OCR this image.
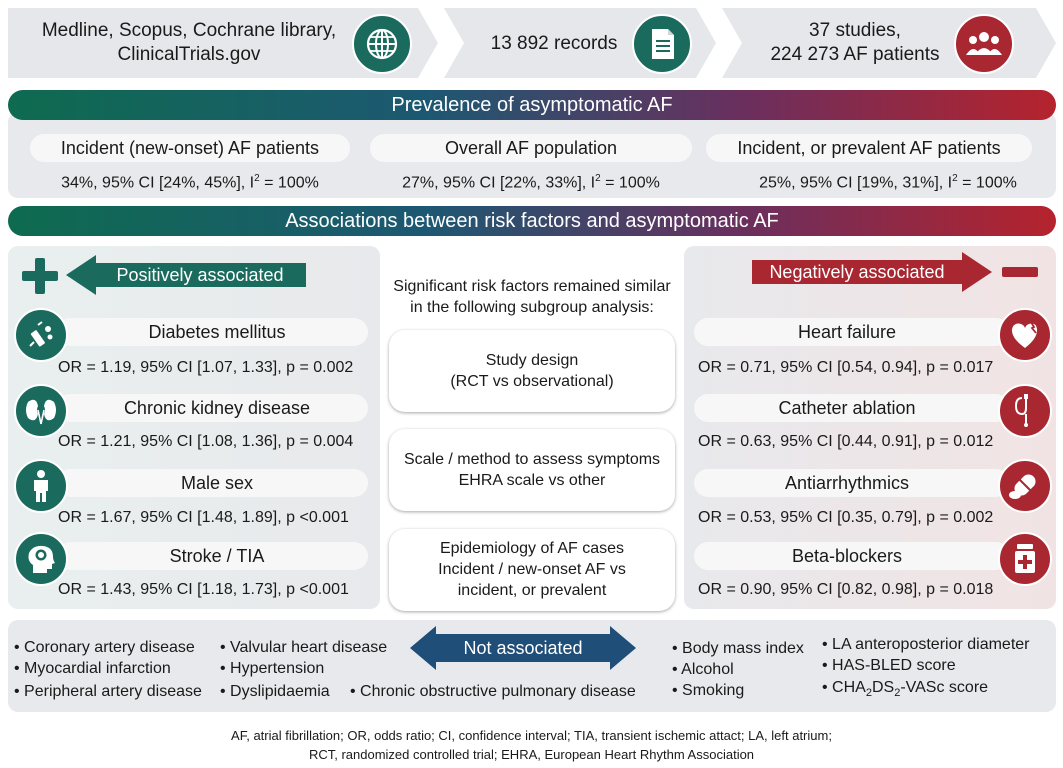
Medline, Scopus, Cochrane library,
ClinicalTrials.gov
13 892 records
37 studies,
224 273 AF patients
Prevalence of asymptomatic AF
Incident (new-onset) AF patients	Overall AF population	Incident, or prevalent AF patients
34%, 95% CI [24%, 45%], $I^2 = 100\%$	27%, 95% CI [22%, 33%], $I^2 = 100\%$	25%, 95% CI [19%, 31%], $I^2 = 100\%$
Associations between risk factors and asymptomatic AF
Positively associated	Negatively associated
Diabetes mellitus
OR = 1.19, 95% CI [1.07, 1.33], p = 0.002
Chronic kidney disease
OR = 1.21, 95% CI [1.08, 1.36], p = 0.004
Male sex
OR = 1.67, 95% CI [1.48, 1.89], p <0.001
Stroke / TIA
OR = 1.43, 95% CI [1.18, 1.73], p <0.001
Heart failure
OR = 0.71, 95% CI [0.54, 0.94], p = 0.017
Catheter ablation
OR = 0.63, 95% CI [0.44, 0.91], p = 0.012
Antiarrhythmics
OR = 0.53, 95% CI [0.35, 0.79], p = 0.002
Beta-blockers
OR = 0.90, 95% CI [0.82, 0.98], p = 0.018
Significant risk factors remained similar
in the following subgroup analysis:
Study design
(RCT vs observational)
Scale / method to assess symptoms
EHRA scale vs other
Epidemiology of AF cases
Incident / new-onset AF vs
incident, or prevalent
Not associated
• Coronary artery disease
• Myocardial infarction
• Peripheral artery disease
• Valvular heart disease
• Hypertension
• Dyslipidaemia • Chronic obstructive pulmonary disease
• Body mass index
• Alcohol
• Smoking
• LA anteroposterior diameter
• HAS-BLED score
• $CHA_2DS_2$-VASc score
AF, atrial fibrillation; OR, odds ratio; CI, confidence interval; TIA, transient ischemic attact; LA, left atrium;
RCT, randomized controlled trial; EHRA, European Heart Rhythm Association
